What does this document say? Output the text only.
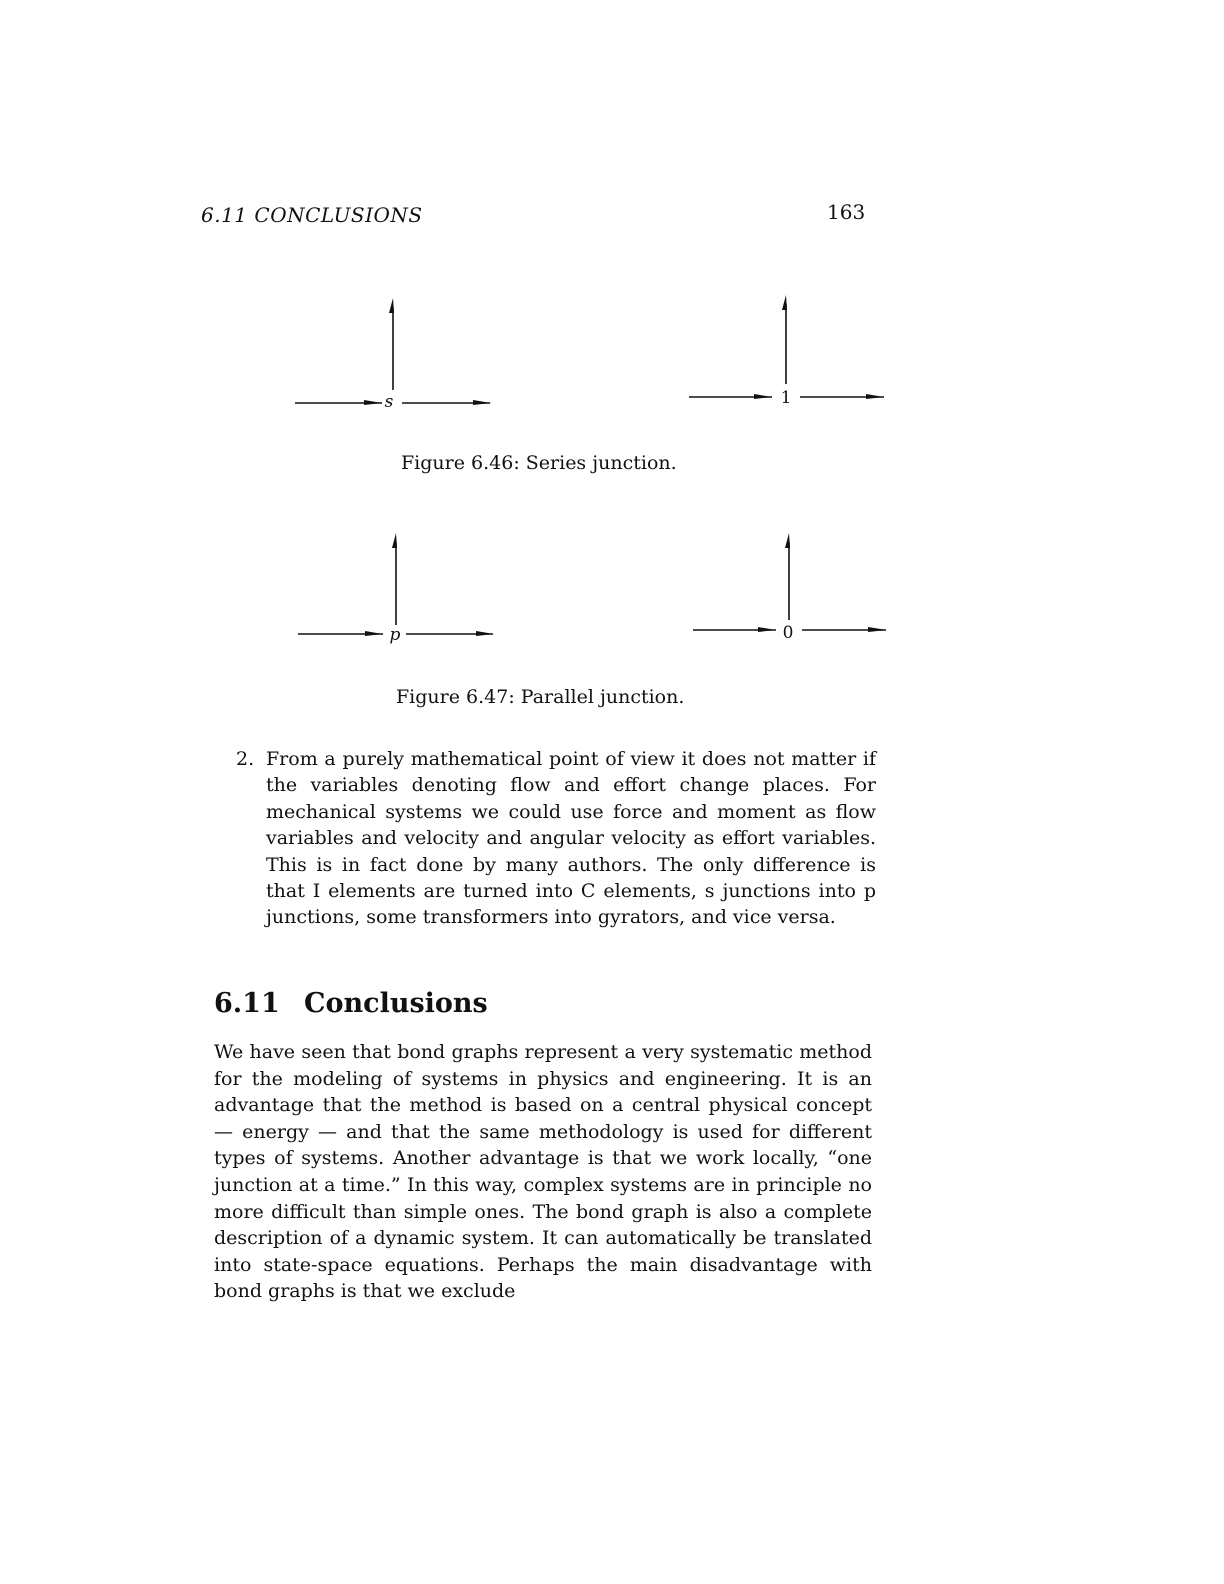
6.11 CONCLUSIONS	163
s	1
Figure 6.46: Series junction.
p	0
Figure 6.47: Parallel junction.
2. From a purely mathematical point of view it does not matter if the variables denoting flow and effort change places. For mechanical systems we could use force and moment as flow variables and velocity and angular velocity as effort variables. This is in fact done by many authors. The only difference is that I elements are turned into C elements, s junctions into p junctions, some transformers into gyrators, and vice versa.
6.11 Conclusions
We have seen that bond graphs represent a very systematic method for the modeling of systems in physics and engineering. It is an advantage that the method is based on a central physical concept — energy — and that the same methodology is used for different types of systems. Another advantage is that we work locally, “one junction at a time.” In this way, complex systems are in principle no more difficult than simple ones. The bond graph is also a complete description of a dynamic system. It can automatically be translated into state-space equations. Perhaps the main disadvantage with bond graphs is that we exclude
